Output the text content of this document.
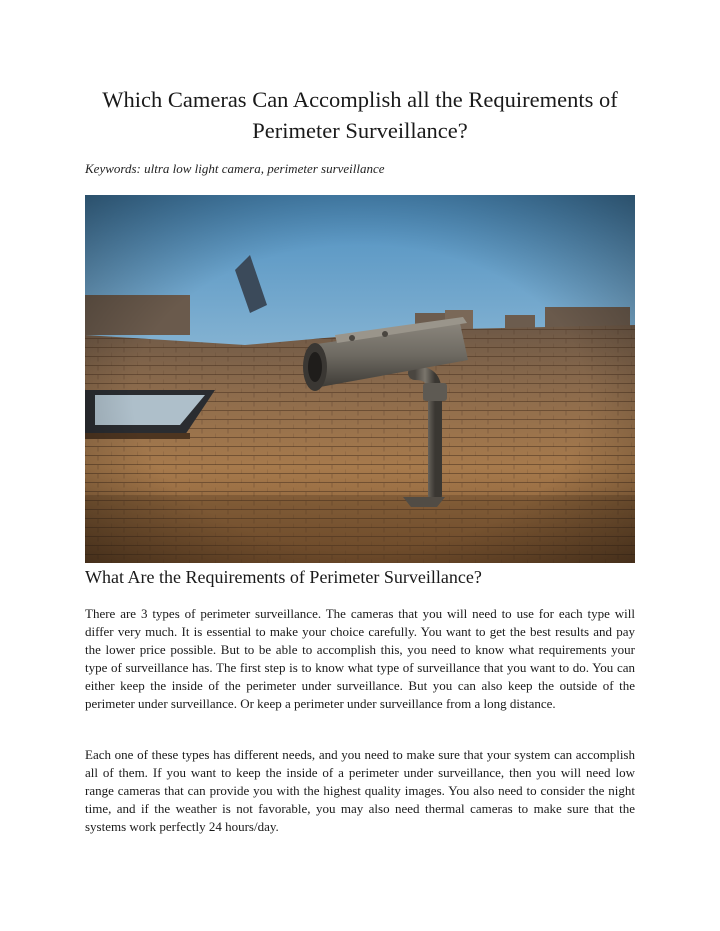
Which Cameras Can Accomplish all the Requirements of Perimeter Surveillance?
Keywords: ultra low light camera, perimeter surveillance
What Are the Requirements of Perimeter Surveillance?

There are 3 types of perimeter surveillance. The cameras that you will need to use for each type will differ very much. It is essential to make your choice carefully. You want to get the best results and pay the lower price possible. But to be able to accomplish this, you need to know what requirements your type of surveillance has. The first step is to know what type of surveillance that you want to do. You can either keep the inside of the perimeter under surveillance. But you can also keep the outside of the perimeter under surveillance. Or keep a perimeter under surveillance from a long distance.

Each one of these types has different needs, and you need to make sure that your system can accomplish all of them. If you want to keep the inside of a perimeter under surveillance, then you will need low range cameras that can provide you with the highest quality images. You also need to consider the night time, and if the weather is not favorable, you may also need thermal cameras to make sure that the systems work perfectly 24 hours/day.
